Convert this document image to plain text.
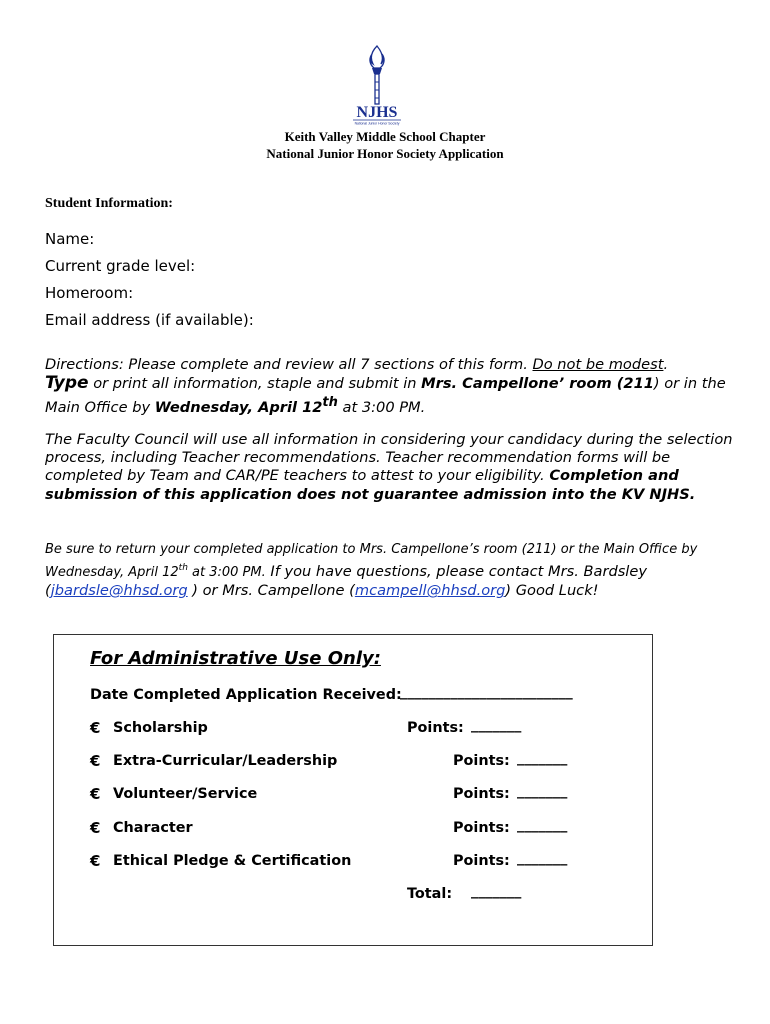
NJHS
National Junior Honor Society
Keith Valley Middle School Chapter
National Junior Honor Society Application
Student Information:
Name:
Current grade level:
Homeroom:
Email address (if available):
Directions: Please complete and review all 7 sections of this form. Do not be modest.
Type or print all information, staple and submit in Mrs. Campellone’ room (211) or in the Main Office by Wednesday, April 12th at 3:00 PM.
The Faculty Council will use all information in considering your candidacy during the selection process, including Teacher recommendations. Teacher recommendation forms will be completed by Team and CAR/PE teachers to attest to your eligibility. Completion and submission of this application does not guarantee admission into the KV NJHS.
Be sure to return your completed application to Mrs. Campellone’s room (211) or the Main Office by Wednesday, April 12th at 3:00 PM. If you have questions, please contact Mrs. Bardsley (jbardsle@hhsd.org ) or Mrs. Campellone (mcampell@hhsd.org) Good Luck!
For Administrative Use Only:
Date Completed Application Received:
________________________
€ Scholarship	Points: _______
€ Extra-Curricular/Leadership	Points: _______
€ Volunteer/Service	Points: _______
€ Character	Points: _______
€ Ethical Pledge & Certification	Points: _______
Total: _______
